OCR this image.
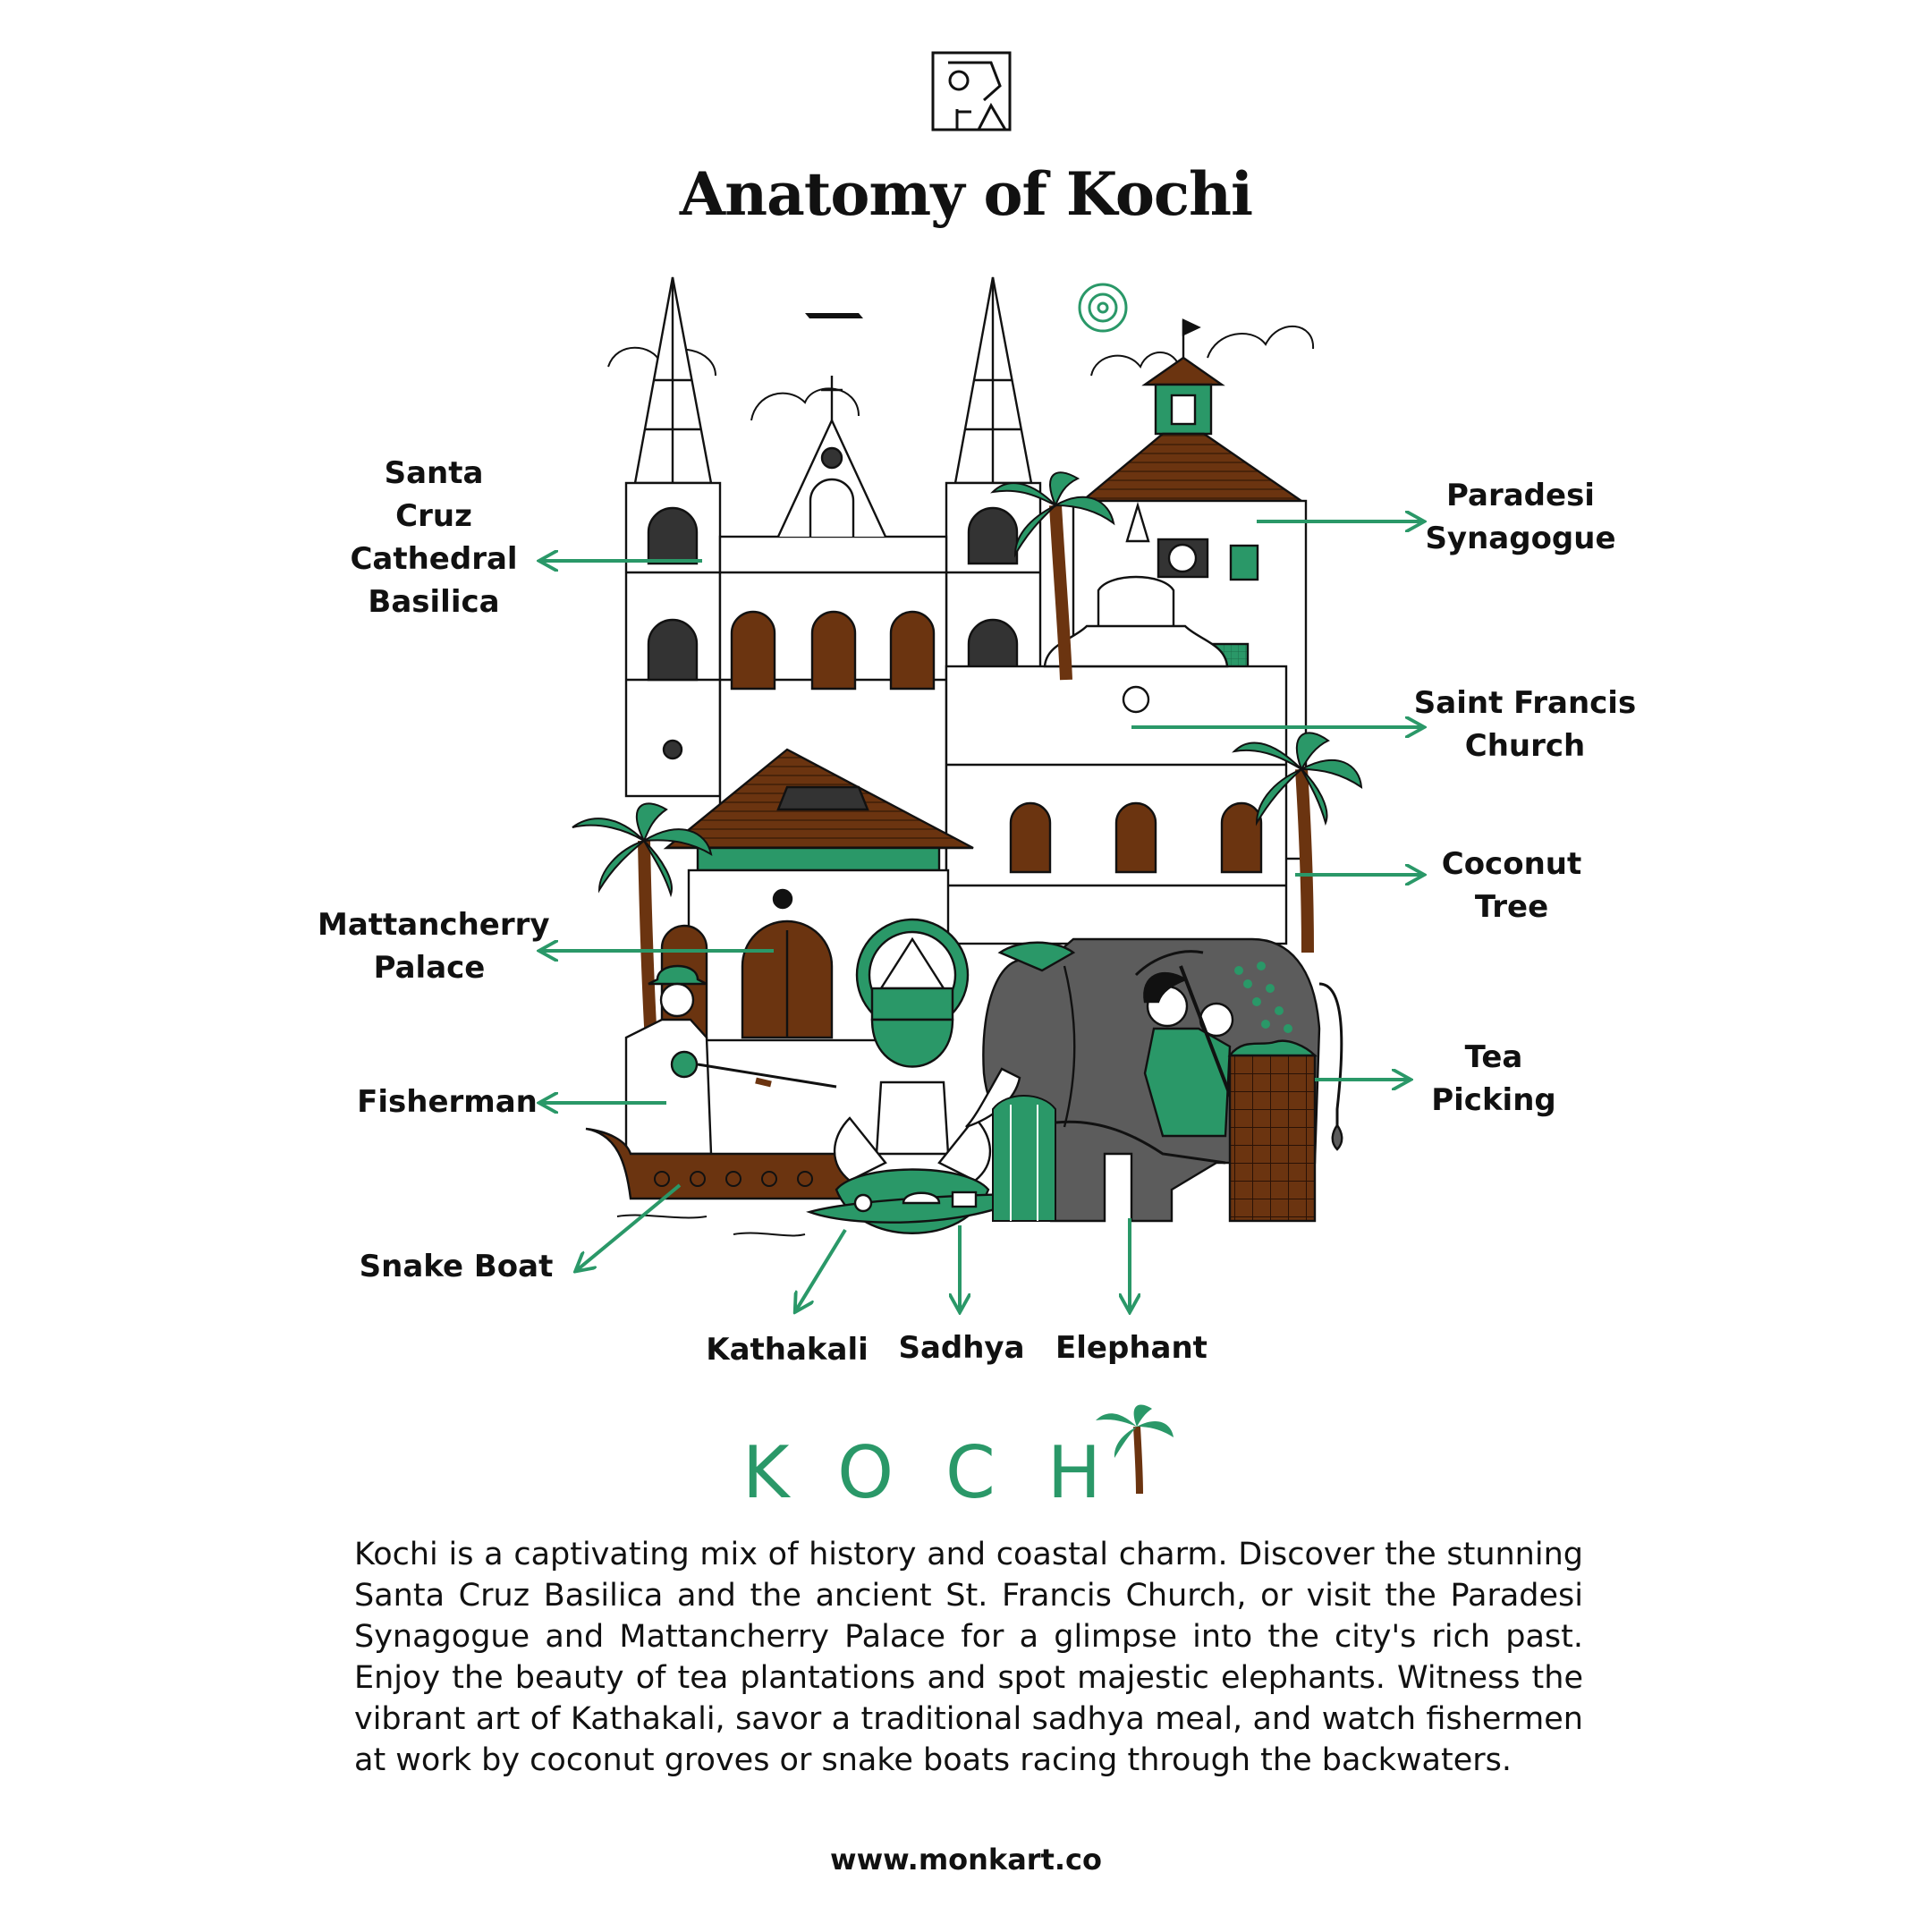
Anatomy of Kochi
Santa
Cruz
Cathedral
Basilica
Paradesi
Synagogue
Saint Francis
Church
Coconut
Tree
Mattancherry
Palace
Tea
Picking
Fisherman
Snake Boat
Kathakali Sadhya	Elephant
KOCH
Kochi is a captivating mix of history and coastal charm. Discover the stunning Santa Cruz Basilica and the ancient St. Francis Church, or visit the Paradesi Synagogue and Mattancherry Palace for a glimpse into the city's rich past. Enjoy the beauty of tea plantations and spot majestic elephants. Witness the vibrant art of Kathakali, savor a traditional sadhya meal, and watch fishermen at work by coconut groves or snake boats racing through the backwaters.
www.monkart.co
